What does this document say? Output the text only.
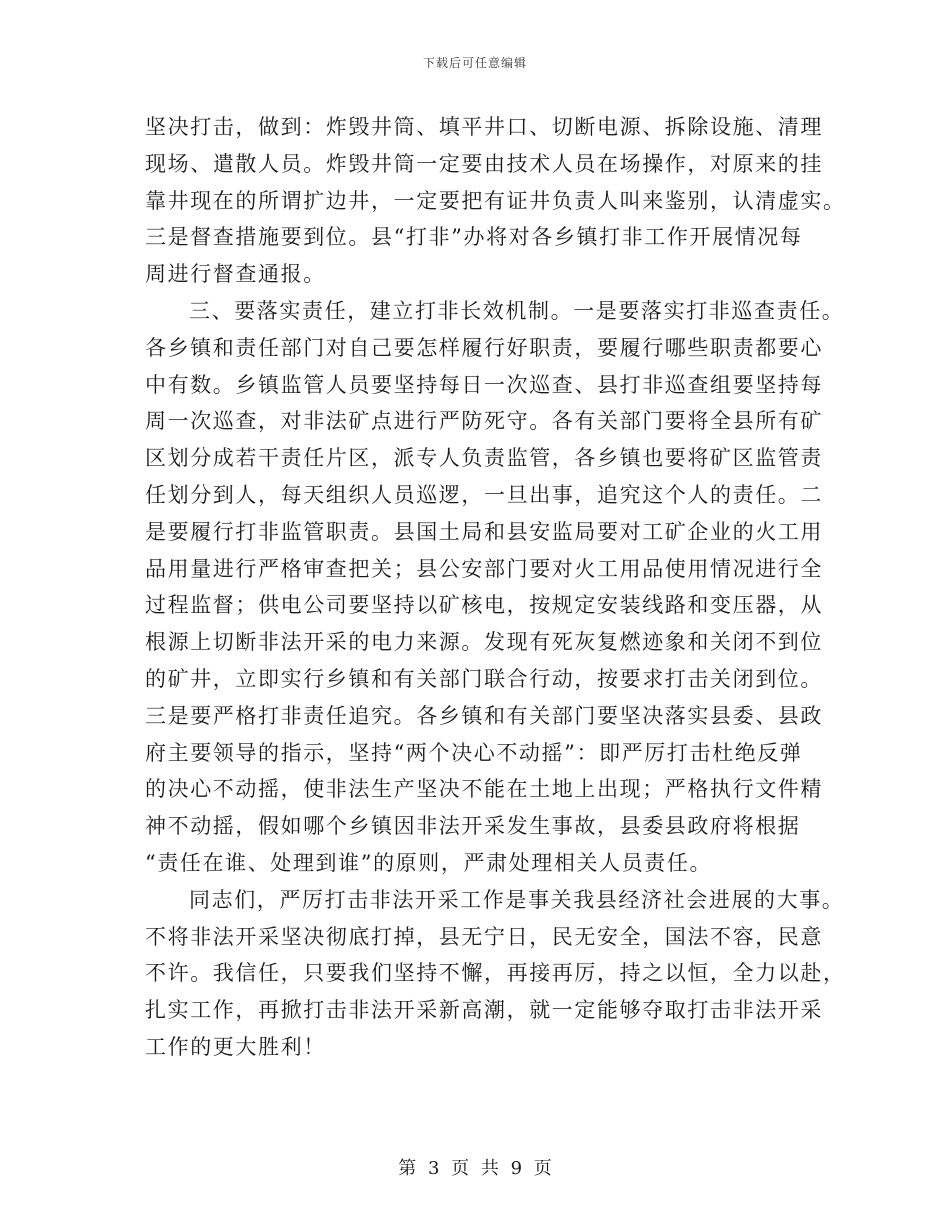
下载后可任意编辑
坚决打击，做到：炸毁井筒、填平井口、切断电源、拆除设施、清理
现场、遣散人员。炸毁井筒一定要由技术人员在场操作，对原来的挂
靠井现在的所谓扩边井，一定要把有证井负责人叫来鉴别，认清虚实。
三是督查措施要到位。县“打非”办将对各乡镇打非工作开展情况每
周进行督查通报。
三、要落实责任，建立打非长效机制。一是要落实打非巡查责任。
各乡镇和责任部门对自己要怎样履行好职责，要履行哪些职责都要心
中有数。乡镇监管人员要坚持每日一次巡查、县打非巡查组要坚持每
周一次巡查，对非法矿点进行严防死守。各有关部门要将全县所有矿
区划分成若干责任片区，派专人负责监管，各乡镇也要将矿区监管责
任划分到人，每天组织人员巡逻，一旦出事，追究这个人的责任。二
是要履行打非监管职责。县国土局和县安监局要对工矿企业的火工用
品用量进行严格审查把关；县公安部门要对火工用品使用情况进行全
过程监督；供电公司要坚持以矿核电，按规定安装线路和变压器，从
根源上切断非法开采的电力来源。发现有死灰复燃迹象和关闭不到位
的矿井，立即实行乡镇和有关部门联合行动，按要求打击关闭到位。
三是要严格打非责任追究。各乡镇和有关部门要坚决落实县委、县政
府主要领导的指示，坚持“两个决心不动摇”：即严厉打击杜绝反弹
的决心不动摇，使非法生产坚决不能在土地上出现；严格执行文件精
神不动摇，假如哪个乡镇因非法开采发生事故，县委县政府将根据
“责任在谁、处理到谁”的原则，严肃处理相关人员责任。
同志们，严厉打击非法开采工作是事关我县经济社会进展的大事。
不将非法开采坚决彻底打掉，县无宁日，民无安全，国法不容，民意
不许。我信任，只要我们坚持不懈，再接再厉，持之以恒，全力以赴，
扎实工作，再掀打击非法开采新高潮，就一定能够夺取打击非法开采
工作的更大胜利！
第 3 页 共 9 页
